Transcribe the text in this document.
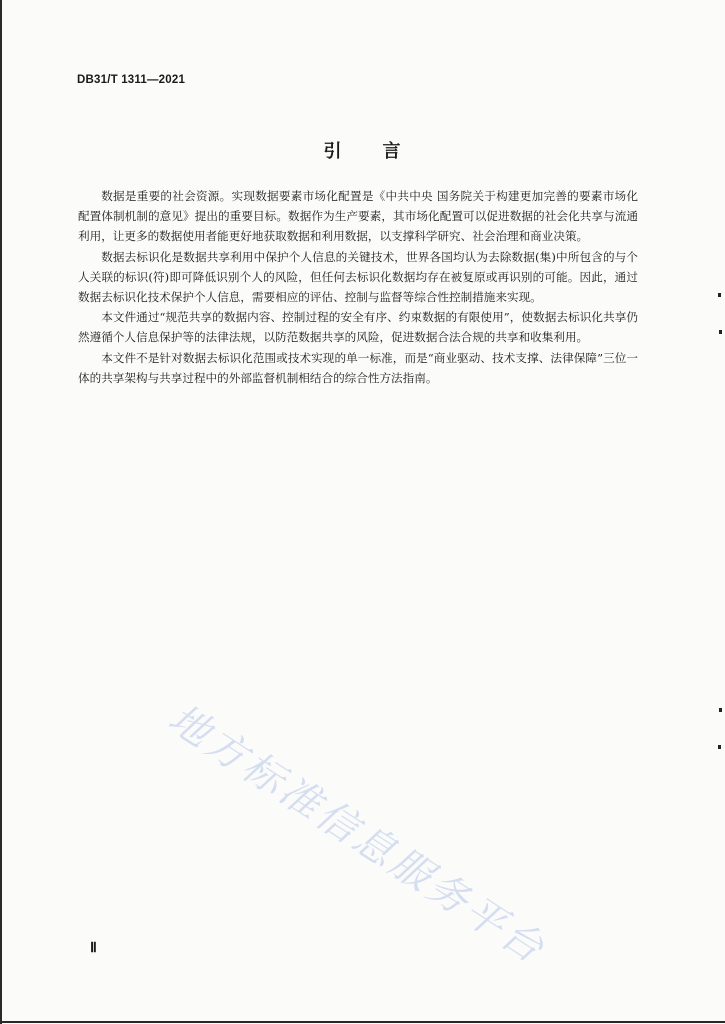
DB31/T 1311—2021
引 言

数据是重要的社会资源。实现数据要素市场化配置是《中共中央 国务院关于构建更加完善的要素市场化配置体制机制的意见》提出的重要目标。数据作为生产要素，其市场化配置可以促进数据的社会化共享与流通利用，让更多的数据使用者能更好地获取数据和利用数据，以支撑科学研究、社会治理和商业决策。

数据去标识化是数据共享利用中保护个人信息的关键技术，世界各国均认为去除数据(集)中所包含的与个人关联的标识(符)即可降低识别个人的风险，但任何去标识化数据均存在被复原或再识别的可能。因此，通过数据去标识化技术保护个人信息，需要相应的评估、控制与监督等综合性控制措施来实现。

本文件通过“规范共享的数据内容、控制过程的安全有序、约束数据的有限使用”，使数据去标识化共享仍然遵循个人信息保护等的法律法规，以防范数据共享的风险，促进数据合法合规的共享和收集利用。

本文件不是针对数据去标识化范围或技术实现的单一标准，而是“商业驱动、技术支撑、法律保障”三位一体的共享架构与共享过程中的外部监督机制相结合的综合性方法指南。

地方标准信息服务平台
Ⅱ
